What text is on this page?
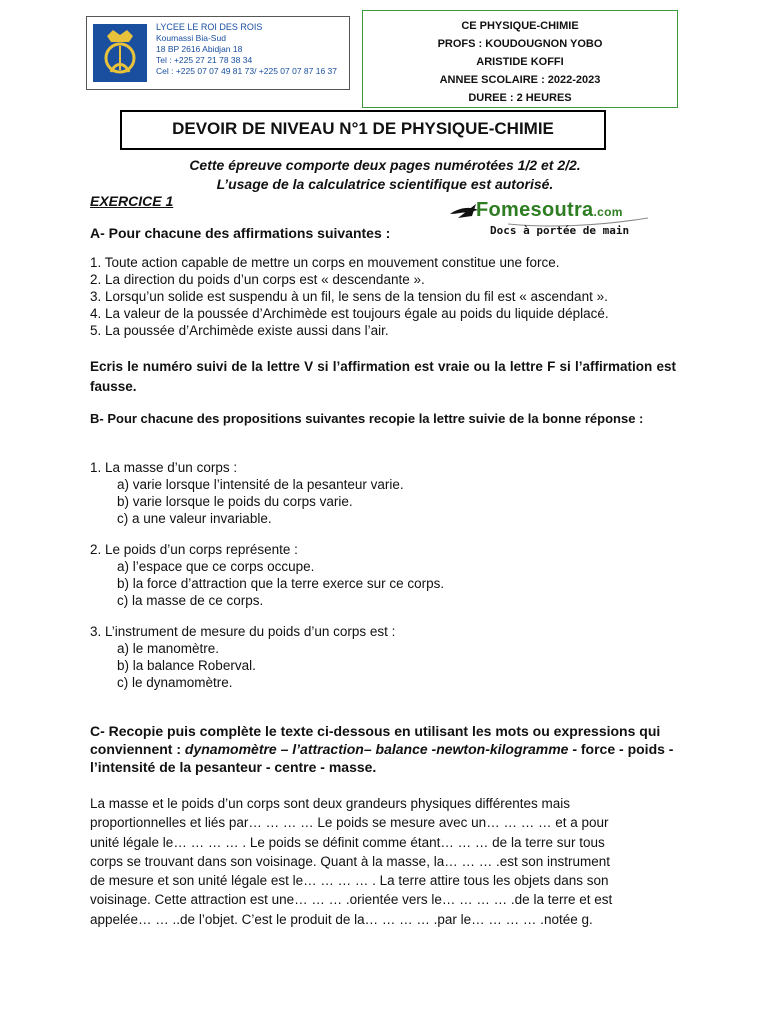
LYCEE LE ROI DES ROIS
Koumassi Bia-Sud
18 BP 2616 Abidjan 18
Tel : +225 27 21 78 38 34
Cel : +225 07 07 49 81 73/ +225 07 07 87 16 37
CE PHYSIQUE-CHIMIE
PROFS : KOUDOUGNON YOBO
ARISTIDE KOFFI
ANNEE SCOLAIRE : 2022-2023
DUREE : 2 HEURES
DEVOIR DE NIVEAU N°1 DE PHYSIQUE-CHIMIE
Cette épreuve comporte deux pages numérotées 1/2 et 2/2.
L’usage de la calculatrice scientifique est autorisé.
EXERCICE 1	Fomesoutra.com
Docs à portée de main
A- Pour chacune des affirmations suivantes :
1. Toute action capable de mettre un corps en mouvement constitue une force.
2. La direction du poids d’un corps est « descendante ».
3. Lorsqu’un solide est suspendu à un fil, le sens de la tension du fil est « ascendant ».
4. La valeur de la poussée d’Archimède est toujours égale au poids du liquide déplacé.
5. La poussée d’Archimède existe aussi dans l’air.
Ecris le numéro suivi de la lettre V si l’affirmation est vraie ou la lettre F si l’affirmation est fausse.
B- Pour chacune des propositions suivantes recopie la lettre suivie de la bonne réponse :
1. La masse d’un corps :
a) varie lorsque l’intensité de la pesanteur varie.
b) varie lorsque le poids du corps varie.
c) a une valeur invariable.
2. Le poids d’un corps représente :
a) l’espace que ce corps occupe.
b) la force d’attraction que la terre exerce sur ce corps.
c) la masse de ce corps.
3. L’instrument de mesure du poids d’un corps est :
a) le manomètre.
b) la balance Roberval.
c) le dynamomètre.
C- Recopie puis complète le texte ci-dessous en utilisant les mots ou expressions qui conviennent : dynamomètre – l’attraction– balance -newton-kilogramme - force - poids - l’intensité de la pesanteur - centre - masse.
La masse et le poids d’un corps sont deux grandeurs physiques différentes mais
proportionnelles et liés par… … … … Le poids se mesure avec un… … … … et a pour
unité légale le… … … … . Le poids se définit comme étant… … … de la terre sur tous
corps se trouvant dans son voisinage. Quant à la masse, la… … … .est son instrument
de mesure et son unité légale est le… … … … . La terre attire tous les objets dans son
voisinage. Cette attraction est une… … … .orientée vers le… … … … .de la terre et est
appelée… … ..de l’objet. C’est le produit de la… … … … .par le… … … … .notée g.
